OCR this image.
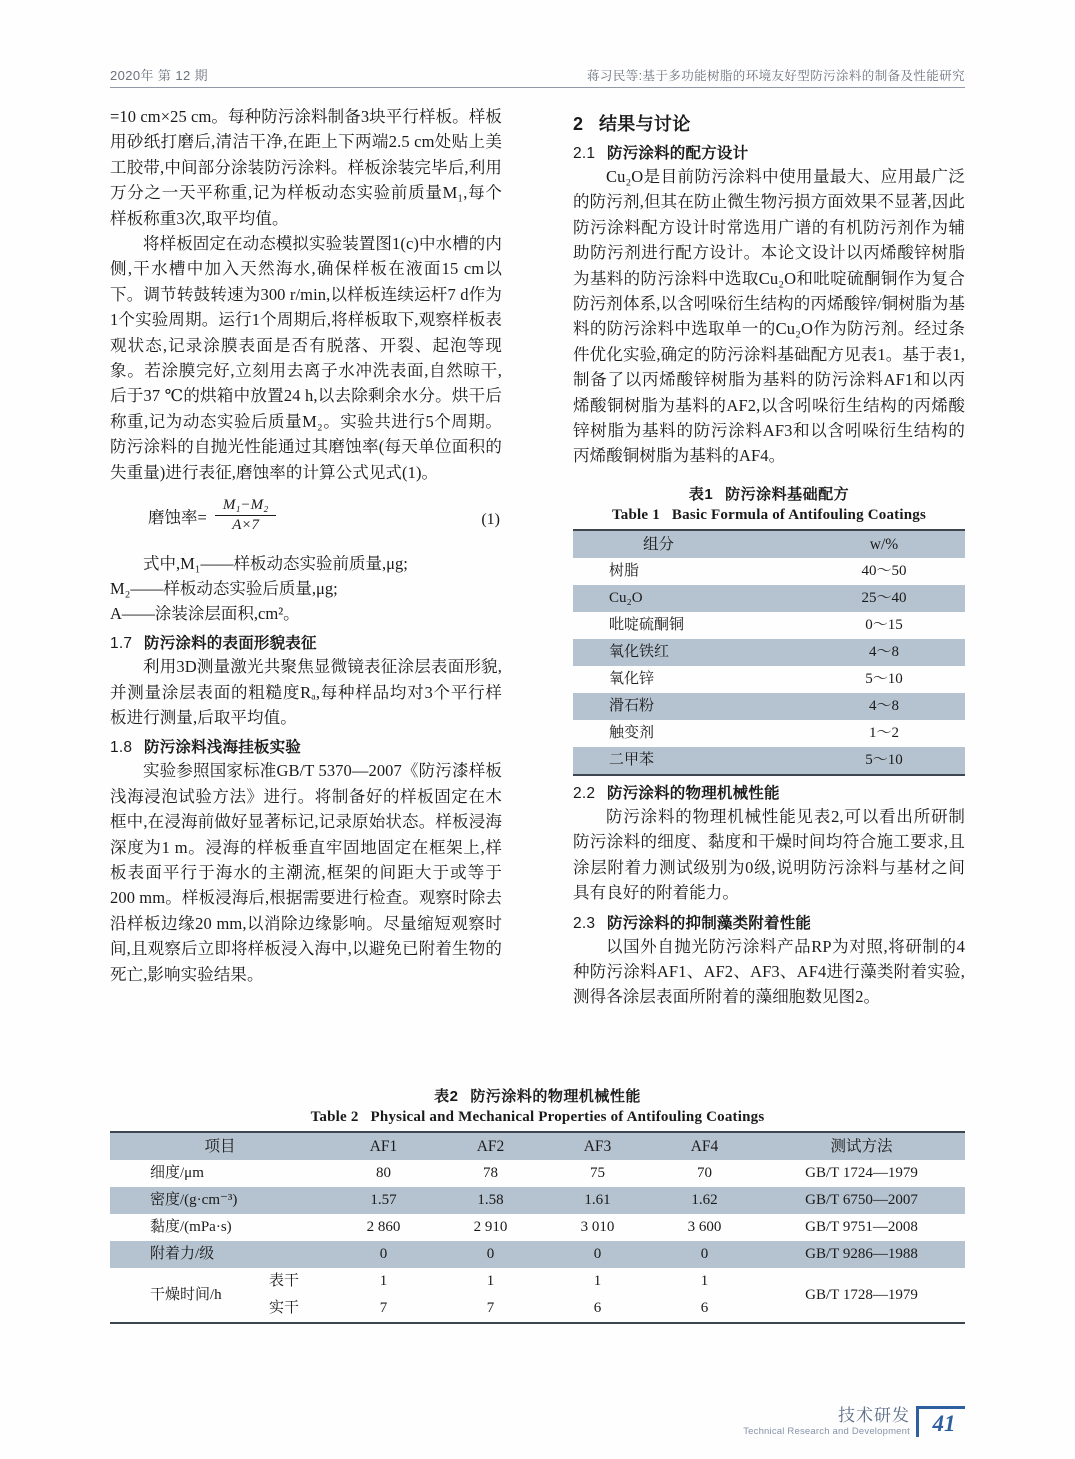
2020年 第 12 期	蒋习民等:基于多功能树脂的环境友好型防污涂料的制备及性能研究

=10 cm×25 cm。每种防污涂料制备3块平行样板。样板用砂纸打磨后,清洁干净,在距上下两端2.5 cm处贴上美工胶带,中间部分涂装防污涂料。样板涂装完毕后,利用万分之一天平称重,记为样板动态实验前质量M₁,每个样板称重3次,取平均值。

将样板固定在动态模拟实验装置图1(c)中水槽的内侧,干水槽中加入天然海水,确保样板在液面15 cm以下。调节转鼓转速为300 r/min,以样板连续运杆7 d作为1个实验周期。运行1个周期后,将样板取下,观察样板表观状态,记录涂膜表面是否有脱落、开裂、起泡等现象。若涂膜完好,立刻用去离子水冲洗表面,自然晾干,后于37 ℃的烘箱中放置24 h,以去除剩余水分。烘干后称重,记为动态实验后质量M₂。实验共进行5个周期。防污涂料的自抛光性能通过其磨蚀率(每天单位面积的失重量)进行表征,磨蚀率的计算公式见式(1)。

磨蚀率= $\frac{\text{M₁−M₂}}{A\times 7}$	(1)
式中,M₁——样板动态实验前质量,μg;
M₂——样板动态实验后质量,μg;
A——涂装涂层面积,cm²。
1.7 防污涂料的表面形貌表征

利用3D测量激光共聚焦显微镜表征涂层表面形貌,并测量涂层表面的粗糙度Rₐ,每种样品均对3个平行样板进行测量,后取平均值。

1.8 防污涂料浅海挂板实验

实验参照国家标准GB/T 5370—2007《防污漆样板浅海浸泡试验方法》进行。将制备好的样板固定在木框中,在浸海前做好显著标记,记录原始状态。样板浸海深度为1 m。浸海的样板垂直牢固地固定在框架上,样板表面平行于海水的主潮流,框架的间距大于或等于200 mm。样板浸海后,根据需要进行检查。观察时除去沿样板边缘20 mm,以消除边缘影响。尽量缩短观察时间,且观察后立即将样板浸入海中,以避免已附着生物的死亡,影响实验结果。

2 结果与讨论
2.1 防污涂料的配方设计

Cu₂O是目前防污涂料中使用量最大、应用最广泛的防污剂,但其在防止微生物污损方面效果不显著,因此防污涂料配方设计时常选用广谱的有机防污剂作为辅助防污剂进行配方设计。本论文设计以丙烯酸锌树脂为基料的防污涂料中选取Cu₂O和吡啶硫酮铜作为复合防污剂体系,以含吲哚衍生结构的丙烯酸锌/铜树脂为基料的防污涂料中选取单一的Cu₂O作为防污剂。经过条件优化实验,确定的防污涂料基础配方见表1。基于表1,制备了以丙烯酸锌树脂为基料的防污涂料AF1和以丙烯酸铜树脂为基料的AF2,以含吲哚衍生结构的丙烯酸锌树脂为基料的防污涂料AF3和以含吲哚衍生结构的丙烯酸铜树脂为基料的AF4。

表1 防污涂料基础配方
Table 1 Basic Formula of Antifouling Coatings
组分	w/%
树脂	40～50
Cu₂O	25～40
吡啶硫酮铜	0～15
氧化铁红	4～8
氧化锌	5～10
滑石粉	4～8
触变剂	1～2
二甲苯	5～10
2.2 防污涂料的物理机械性能

防污涂料的物理机械性能见表2,可以看出所研制防污涂料的细度、黏度和干燥时间均符合施工要求,且涂层附着力测试级别为0级,说明防污涂料与基材之间具有良好的附着能力。

2.3 防污涂料的抑制藻类附着性能

以国外自抛光防污涂料产品RP为对照,将研制的4种防污涂料AF1、AF2、AF3、AF4进行藻类附着实验,测得各涂层表面所附着的藻细胞数见图2。

表2 防污涂料的物理机械性能
Table 2 Physical and Mechanical Properties of Antifouling Coatings
项目		AF1	AF2	AF3	AF4	测试方法
细度/μm		80	78	75	70	GB/T 1724—1979
密度/(g·cm⁻³)		1.57	1.58	1.61	1.62	GB/T 6750—2007
黏度/(mPa·s)		2 860	2 910	3 010	3 600	GB/T 9751—2008
附着力/级		0	0	0	0	GB/T 9286—1988
干燥时间/h	表干	1	1	1	1	GB/T 1728—1979
	实干	7	7	6	6	
技术研发
Technical Research and Development 41
